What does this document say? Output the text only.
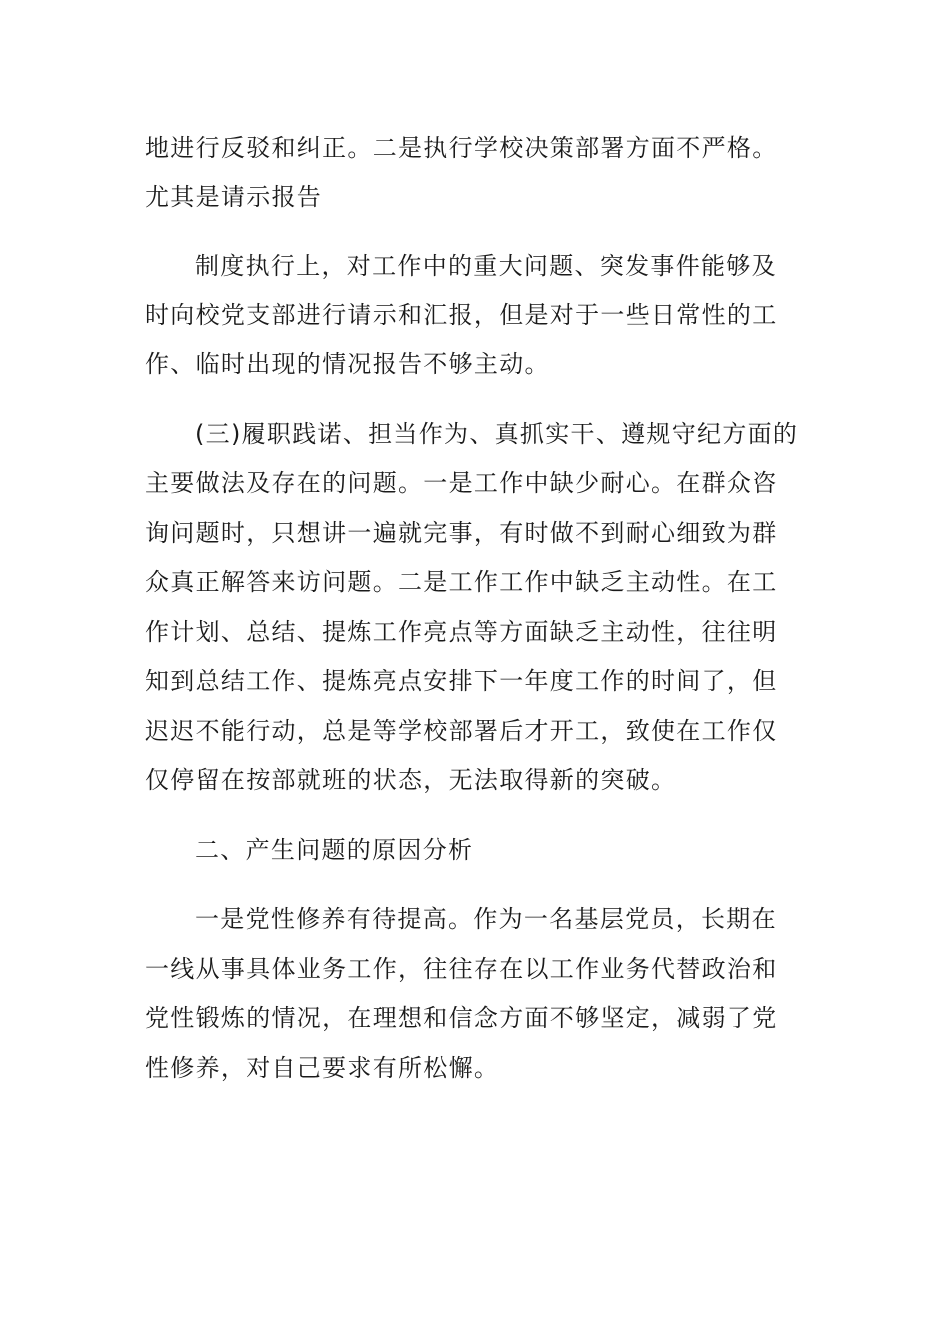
地进行反驳和纠正。二是执行学校决策部署方面不严格。
尤其是请示报告
制度执行上，对工作中的重大问题、突发事件能够及
时向校党支部进行请示和汇报，但是对于一些日常性的工
作、临时出现的情况报告不够主动。
(三)履职践诺、担当作为、真抓实干、遵规守纪方面的
主要做法及存在的问题。一是工作中缺少耐心。在群众咨
询问题时，只想讲一遍就完事，有时做不到耐心细致为群
众真正解答来访问题。二是工作工作中缺乏主动性。在工
作计划、总结、提炼工作亮点等方面缺乏主动性，往往明
知到总结工作、提炼亮点安排下一年度工作的时间了，但
迟迟不能行动，总是等学校部署后才开工，致使在工作仅
仅停留在按部就班的状态，无法取得新的突破。
二、产生问题的原因分析
一是党性修养有待提高。作为一名基层党员，长期在
一线从事具体业务工作，往往存在以工作业务代替政治和
党性锻炼的情况，在理想和信念方面不够坚定，减弱了党
性修养，对自己要求有所松懈。
